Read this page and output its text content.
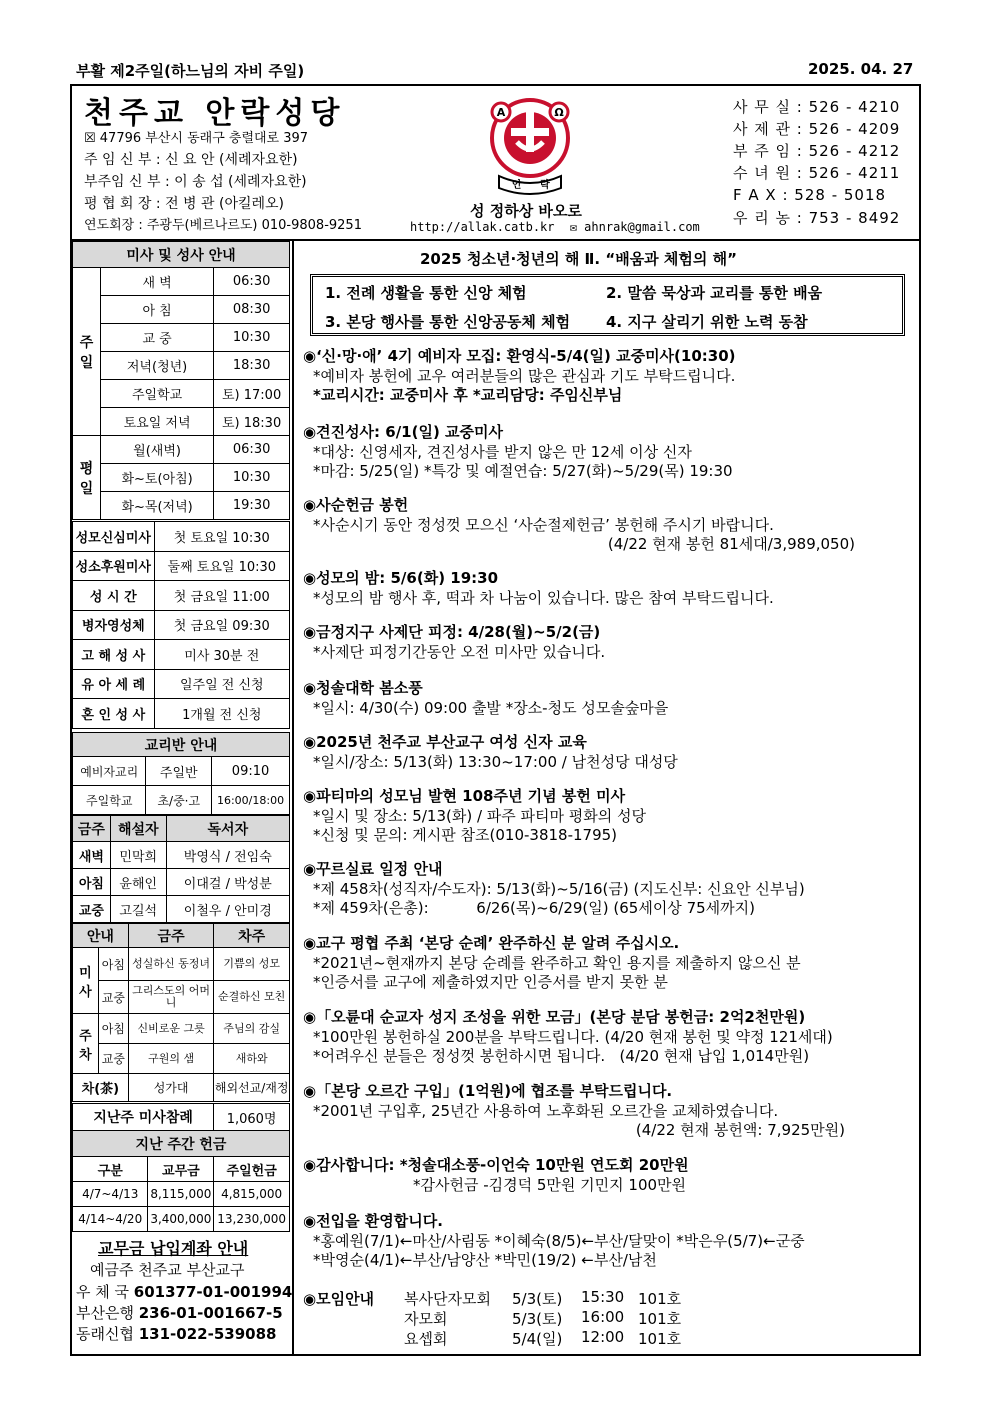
부활 제2주일(하느님의 자비 주일)	2025. 04. 27
천주교 안락성당
☒ 47796 부산시 동래구 충렬대로 397
주 임 신 부 : 신 요 안 (세례자요한)
부주임 신 부 : 이 송 섭 (세례자요한)
평 협 회 장 : 전 병 관 (아킬레오)
연도회장 : 주광두(베르나르도) 010-9808-9251
A	Ω
안 락
성 정하상 바오로
http://allak.catb.kr ✉ ahnrak@gmail.com
사 무 실 : 526 - 4210
사 제 관 : 526 - 4209
부 주 임 : 526 - 4212
수 녀 원 : 526 - 4211
F A X : 528 - 5018
우 리 농 : 753 - 8492
미사 및 성사 안내		
주일	새 벽	06:30
	아 침	08:30
	교 중	10:30
	저녁(청년)	18:30
	주일학교	토) 17:00
	토요일 저녁	토) 18:30
평일	월(새벽)	06:30
	화~토(아침)	10:30
	화~목(저녁)	19:30
성모신심미사	첫 토요일 10:30
성소후원미사	둘째 토요일 10:30
성 시 간	첫 금요일 11:00
병자영성체	첫 금요일 09:30
고 해 성 사	미사 30분 전
유 아 세 례	일주일 전 신청
혼 인 성 사	1개월 전 신청
교리반 안내		
예비자교리	주일반	09:10
주일학교	초/중·고	16:00/18:00
금주	해설자	독서자
새벽	민막희	박영식 / 전임숙
아침	윤해인	이대걸 / 박성분
교중	고길석	이철우 / 안미경
안내		금주	차주
미사	아침	성실하신 동정녀	기쁨의 성모
	교중	그리스도의 어머니	순결하신 모친
주차	아침	신비로운 그릇	주님의 감실
	교중	구원의 샘	새하와
차(茶)		성가대	해외선교/재정
지난주 미사참례	1,060명
지난 주간 헌금		
구분	교무금	주일헌금
4/7~4/13	8,115,000	4,815,000
4/14~4/20	3,400,000	13,230,000
교무금 납입계좌 안내
예금주 천주교 부산교구
우 체 국 601377-01-001994
부산은행 236-01-001667-5
동래신협 131-022-539088
2025 청소년·청년의 해 Ⅱ. “배움과 체험의 해”
1. 전례 생활을 통한 신앙 체험	2. 말씀 묵상과 교리를 통한 배움
3. 본당 행사를 통한 신앙공동체 체험 4. 지구 살리기 위한 노력 동참
◉‘신·망·애’ 4기 예비자 모집: 환영식-5/4(일) 교중미사(10:30)
*예비자 봉헌에 교우 여러분들의 많은 관심과 기도 부탁드립니다.
*교리시간: 교중미사 후 *교리담당: 주임신부님
◉견진성사: 6/1(일) 교중미사
*대상: 신영세자, 견진성사를 받지 않은 만 12세 이상 신자
*마감: 5/25(일) *특강 및 예절연습: 5/27(화)~5/29(목) 19:30
◉사순헌금 봉헌
*사순시기 동안 정성껏 모으신 ‘사순절제헌금’ 봉헌해 주시기 바랍니다.
(4/22 현재 봉헌 81세대/3,989,050)
◉성모의 밤: 5/6(화) 19:30
*성모의 밤 행사 후, 떡과 차 나눔이 있습니다. 많은 참여 부탁드립니다.
◉금정지구 사제단 피정: 4/28(월)~5/2(금)
*사제단 피정기간동안 오전 미사만 있습니다.
◉청솔대학 봄소풍
*일시: 4/30(수) 09:00 출발 *장소-청도 성모솔숲마을
◉2025년 천주교 부산교구 여성 신자 교육
*일시/장소: 5/13(화) 13:30~17:00 / 남천성당 대성당
◉파티마의 성모님 발현 108주년 기념 봉헌 미사
*일시 및 장소: 5/13(화) / 파주 파티마 평화의 성당
*신청 및 문의: 게시판 참조(010-3818-1795)
◉꾸르실료 일정 안내
*제 458차(성직자/수도자): 5/13(화)~5/16(금) (지도신부: 신요안 신부님)
*제 459차(은총):          6/26(목)~6/29(일) (65세이상 75세까지)
◉교구 평협 주최 ‘본당 순례’ 완주하신 분 알려 주십시오.
*2021년~현재까지 본당 순례를 완주하고 확인 용지를 제출하지 않으신 분
*인증서를 교구에 제출하였지만 인증서를 받지 못한 분
◉「오륜대 순교자 성지 조성을 위한 모금」(본당 분담 봉헌금: 2억2천만원)
*100만원 봉헌하실 200분을 부탁드립니다. (4/20 현재 봉헌 및 약정 121세대)
*어려우신 분들은 정성껏 봉헌하시면 됩니다.   (4/20 현재 납입 1,014만원)
◉「본당 오르간 구입」(1억원)에 협조를 부탁드립니다.
*2001년 구입후, 25년간 사용하여 노후화된 오르간을 교체하였습니다.
(4/22 현재 봉헌액: 7,925만원)
◉감사합니다: *청솔대소풍-이언숙 10만원 연도회 20만원
*감사헌금 -김경덕 5만원 기민지 100만원
◉전입을 환영합니다.
*홍예원(7/1)←마산/사림동 *이혜숙(8/5)←부산/달맞이 *박은우(5/7)←군중
*박영순(4/1)←부산/남양산 *박민(19/2) ←부산/남천
◉모임안내 복사단자모회 5/3(토) 15:30 101호
자모회	5/3(토) 16:00 101호
요셉회	5/4(일) 12:00 101호
